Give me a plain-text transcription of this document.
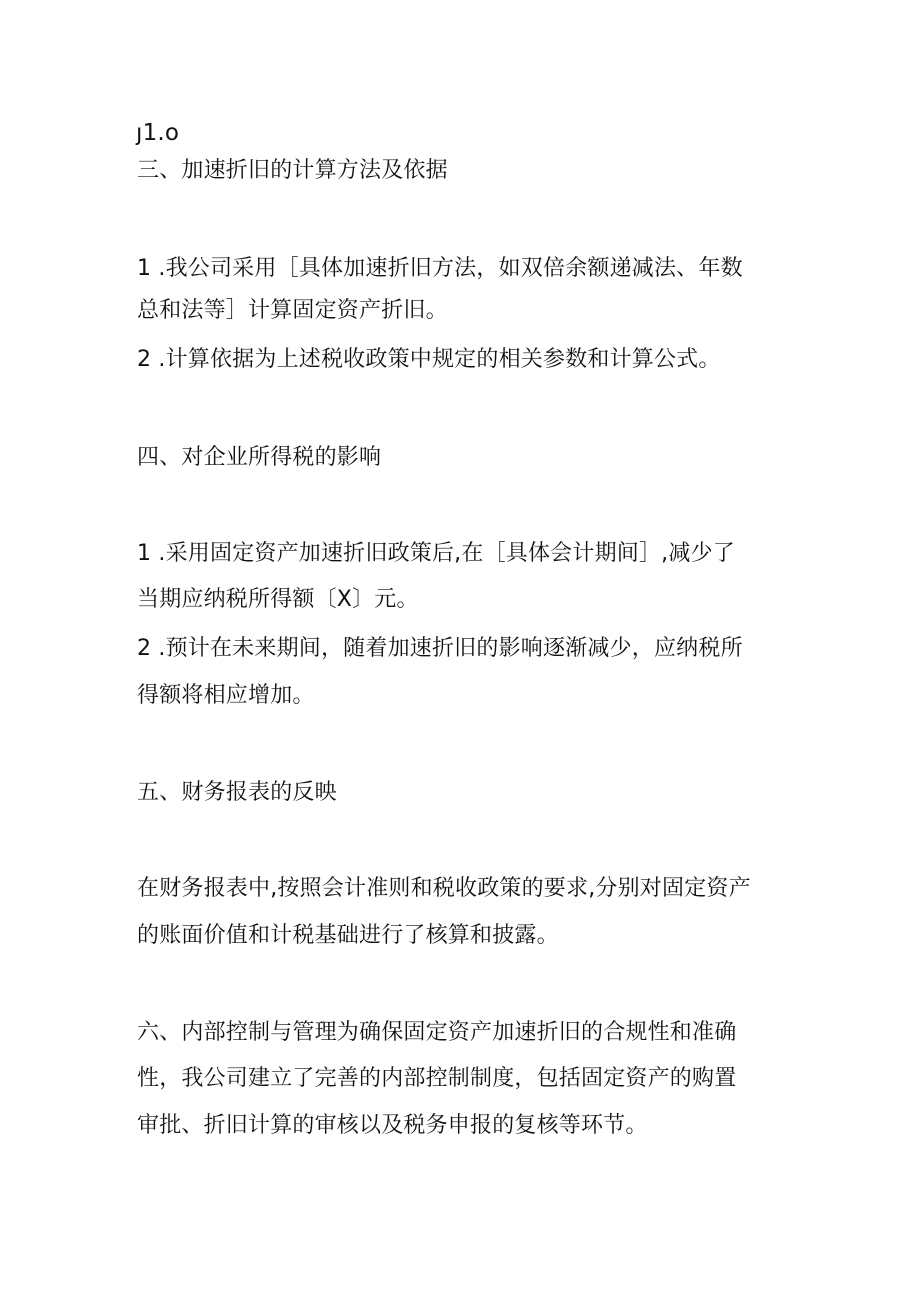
ȷ1.o
三、加速折旧的计算方法及依据
1 .我公司采用［具体加速折旧方法，如双倍余额递减法、年数
总和法等］计算固定资产折旧。
2 .计算依据为上述税收政策中规定的相关参数和计算公式。
四、对企业所得税的影响
1 .采用固定资产加速折旧政策后,在［具体会计期间］,减少了
当期应纳税所得额〔X〕元。
2 .预计在未来期间，随着加速折旧的影响逐渐减少，应纳税所
得额将相应增加。
五、财务报表的反映
在财务报表中,按照会计准则和税收政策的要求,分别对固定资产
的账面价值和计税基础进行了核算和披露。
六、内部控制与管理为确保固定资产加速折旧的合规性和准确
性，我公司建立了完善的内部控制制度，包括固定资产的购置
审批、折旧计算的审核以及税务申报的复核等环节。
